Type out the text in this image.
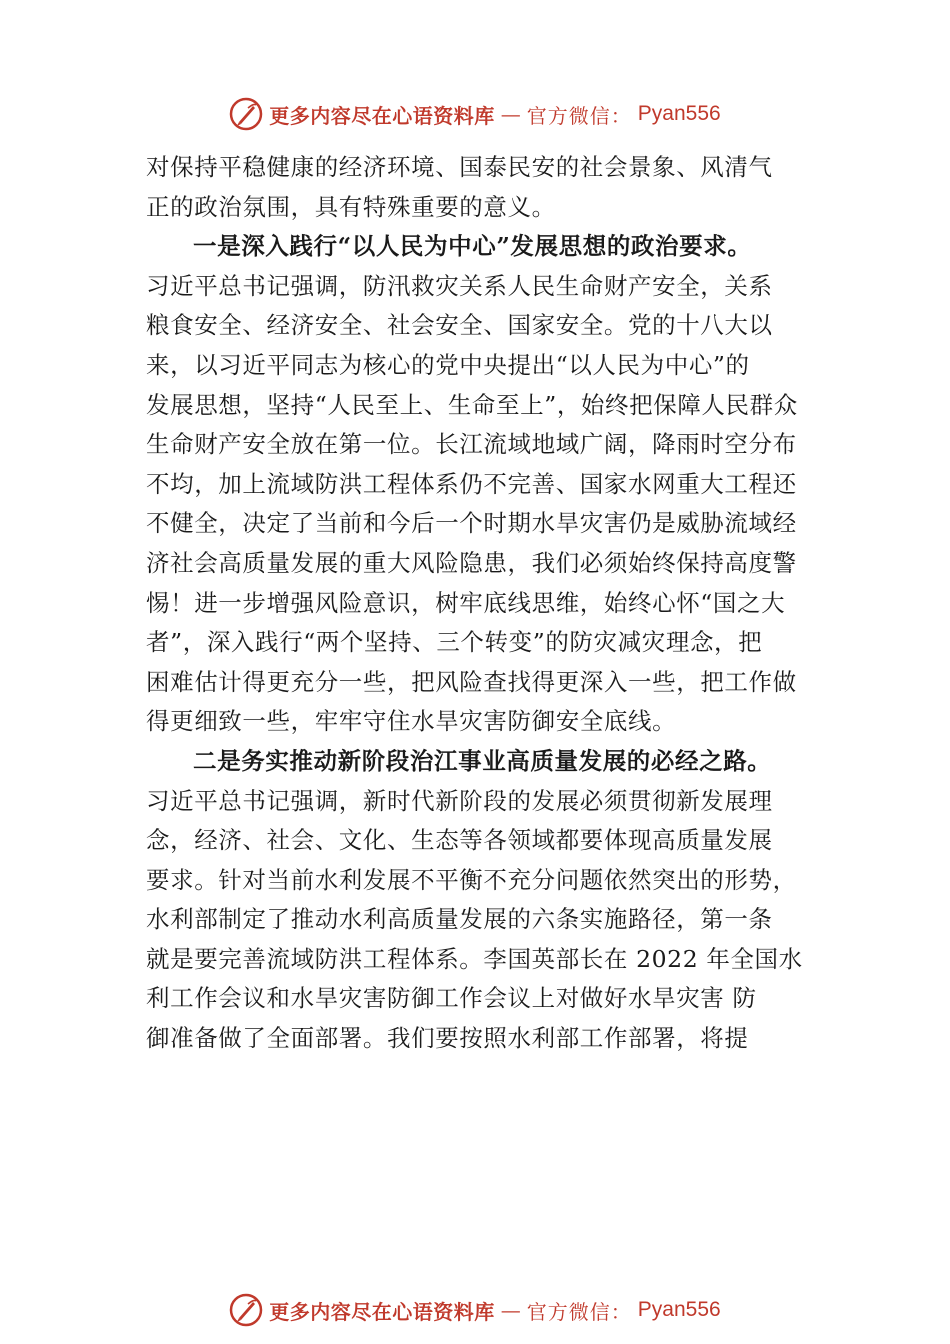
更多内容尽在心语资料库 — 官方微信： Pyan556

对保持平稳健康的经济环境、国泰民安的社会景象、风清气
正的政治氛围，具有特殊重要的意义。

一是深入践行“以人民为中心”发展思想的政治要求。

习近平总书记强调，防汛救灾关系人民生命财产安全，关系
粮食安全、经济安全、社会安全、国家安全。党的十八大以
来，以习近平同志为核心的党中央提出“以人民为中心”的
发展思想，坚持“人民至上、生命至上”，始终把保障人民群众
生命财产安全放在第一位。长江流域地域广阔，降雨时空分布
不均，加上流域防洪工程体系仍不完善、国家水网重大工程还
不健全，决定了当前和今后一个时期水旱灾害仍是威胁流域经
济社会高质量发展的重大风险隐患，我们必须始终保持高度警
惕！进一步增强风险意识，树牢底线思维，始终心怀“国之大
者”，深入践行“两个坚持、三个转变”的防灾减灾理念，把
困难估计得更充分一些，把风险查找得更深入一些，把工作做
得更细致一些，牢牢守住水旱灾害防御安全底线。

二是务实推动新阶段治江事业高质量发展的必经之路。

习近平总书记强调，新时代新阶段的发展必须贯彻新发展理
念，经济、社会、文化、生态等各领域都要体现高质量发展
要求。针对当前水利发展不平衡不充分问题依然突出的形势，
水利部制定了推动水利高质量发展的六条实施路径，第一条
就是要完善流域防洪工程体系。李国英部长在 2022 年全国水
利工作会议和水旱灾害防御工作会议上对做好水旱灾害 防
御准备做了全面部署。我们要按照水利部工作部署，将提

更多内容尽在心语资料库 — 官方微信： Pyan556
